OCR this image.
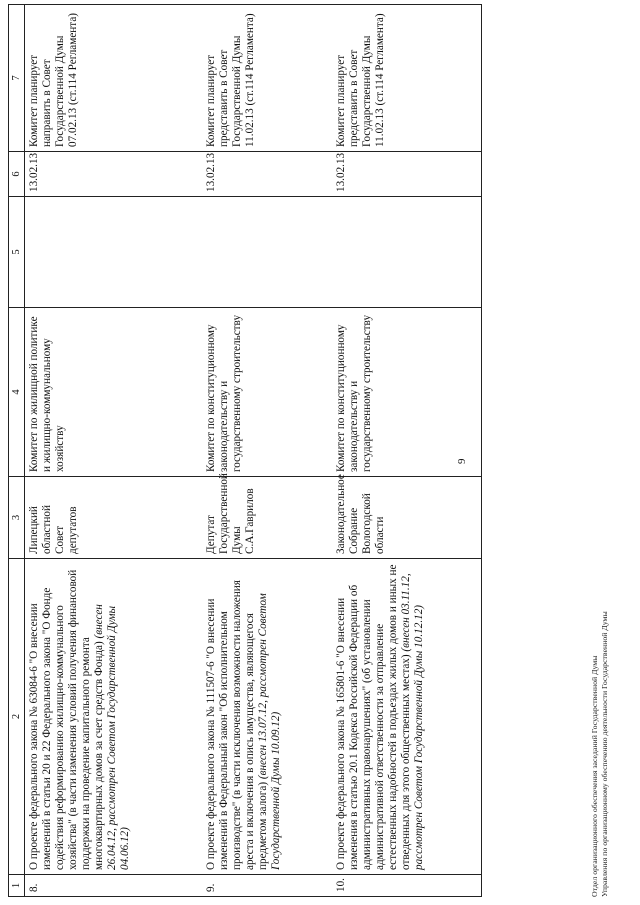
9
1	2	3	4	5	6	7
8.	О проекте федерального закона № 63084-6 "О внесении изменений в статьи 20 и 22 Федерального закона "О Фонде содействия реформированию жилищно-коммунального хозяйства" (в части изменения условий получения финансовой поддержки на проведение капитального ремонта многоквартирных домов за счет средств Фонда) (внесен 26.04.12, рассмотрен Советом Государственной Думы 04.06.12)	Липецкий областной Совет депутатов	Комитет по жилищной политике и жилищно-коммунальному хозяйству		13.02.13	Комитет планирует направить в Совет Государственной Думы 07.02.13 (ст.114 Регламента)
9.	О проекте федерального закона № 111507-6 "О внесении изменений в Федеральный закон "Об исполнительном производстве" (в части исключения возможности наложения ареста и включения в опись имущества, являющегося предметом залога) (внесен 13.07.12, рассмотрен Советом Государственной Думы 10.09.12)	Депутат Государственной Думы С.А.Гаврилов	Комитет по конституционному законодательству и государственному строительству		13.02.13	Комитет планирует представить в Совет Государственной Думы 11.02.13 (ст.114 Регламента)
10.	О проекте федерального закона № 165801-6 "О внесении изменения в статью 20.1 Кодекса Российской Федерации об административных правонарушениях" (об установлении административной ответственности за отправление естественных надобностей в подъездах жилых домов и иных не отведенных для этого общественных местах) (внесен 03.11.12, рассмотрен Советом Государственной Думы 10.12.12)	Законодательное Собрание Вологодской области	Комитет по конституционному законодательству и государственному строительству		13.02.13	Комитет планирует представить в Совет Государственной Думы 11.02.13 (ст.114 Регламента)
Отдел организационного обеспечения заседаний Государственной Думы Управления по организационному обеспечению деятельности Государственной Думы
